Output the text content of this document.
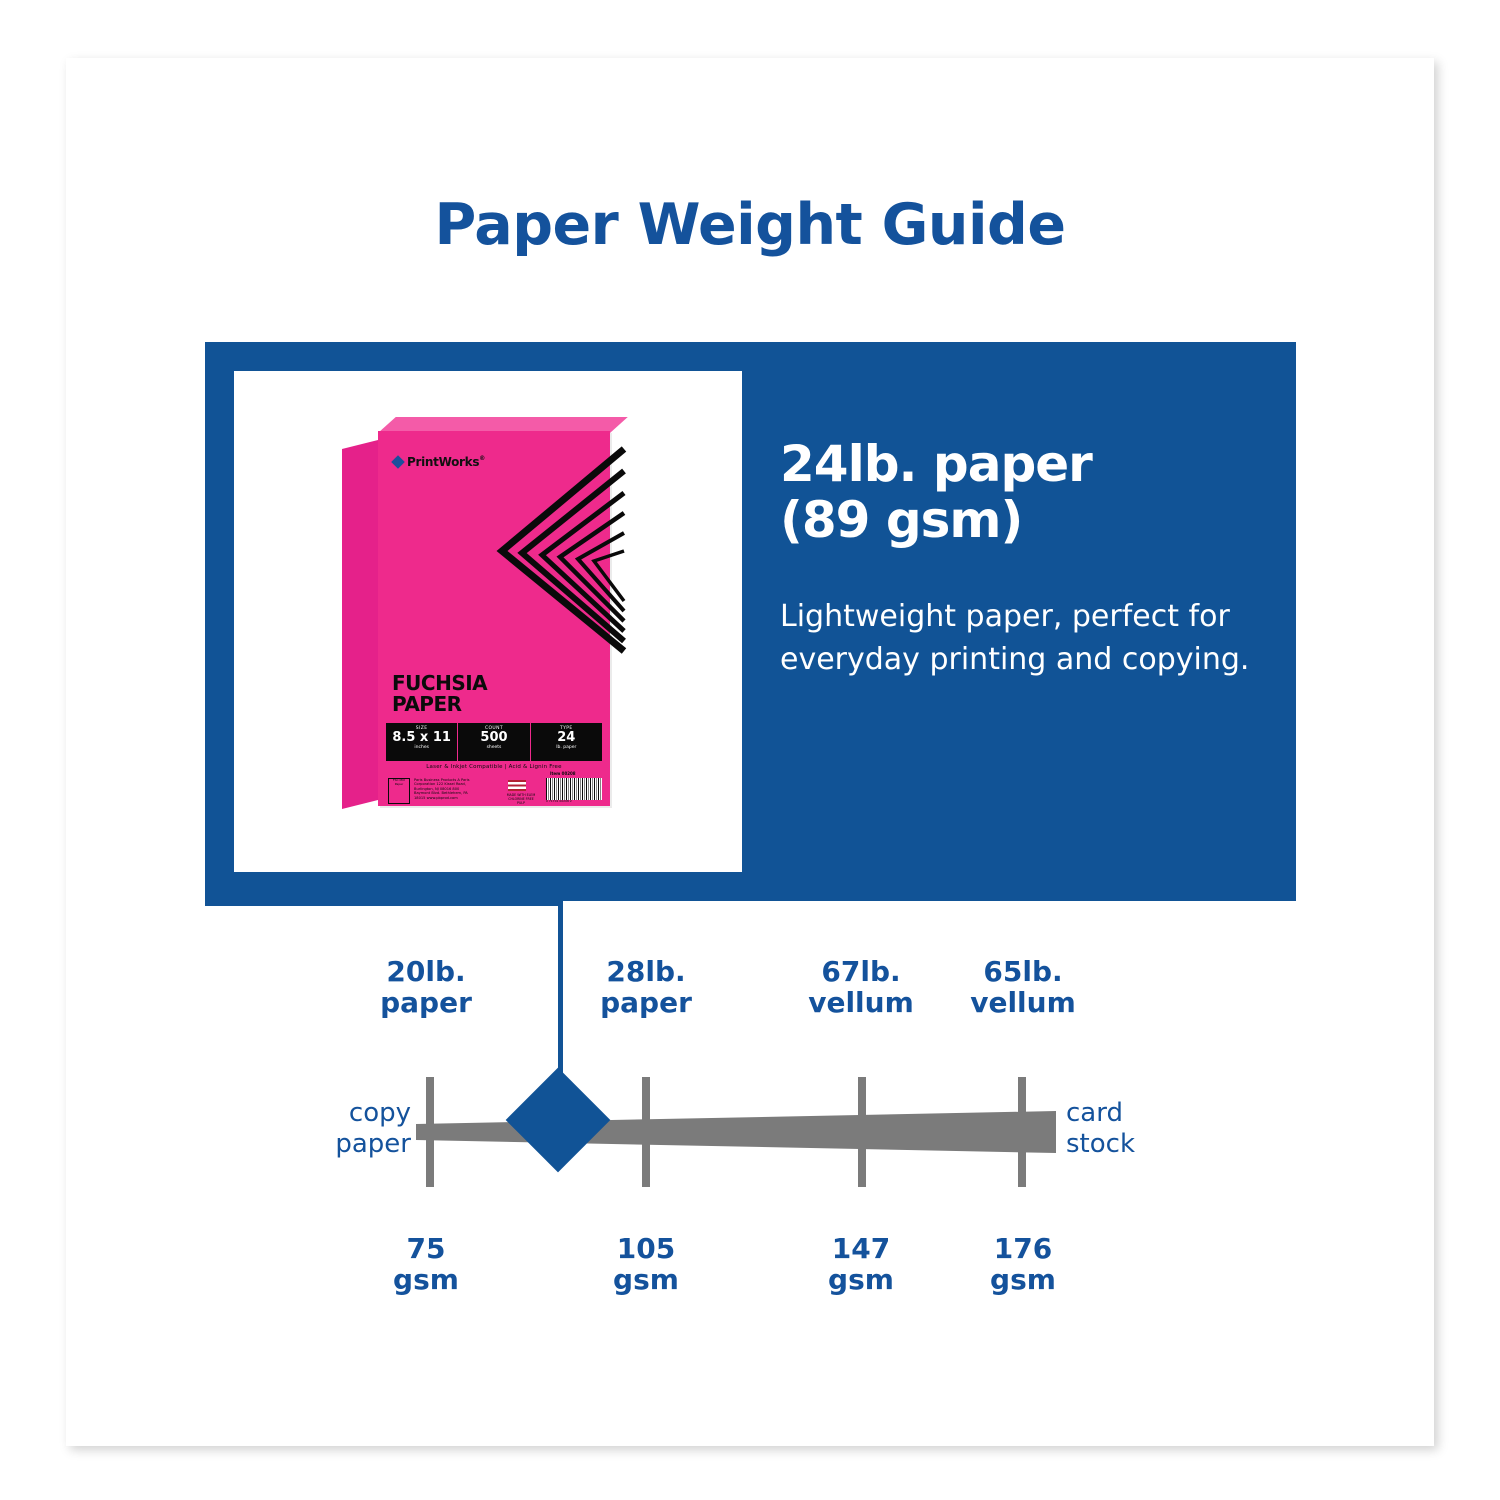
Paper Weight Guide
PrintWorks®
FUCHSIA
PAPER
SIZE
8.5 x 11
inches
COUNT
500
sheets
TYPE
24
lb. paper
Laser & Inkjet Compatible | Acid & Lignin Free
FSC MIX Paper
Paris Business Products A Paris Corporation 122 Kissel Road, Burlington, NJ 08016 800 Baymont Blvd. Bethlehem, PA 18015 www.pbprod.com
MADE WITH ELEM CHLORINE FREE PULP
Item 00208
0 71701 00208 2
24lb. paper
(89 gsm)
Lightweight paper, perfect for everyday printing and copying.
20lb.
paper
28lb.
paper
67lb.
vellum
65lb.
vellum
75
gsm
105
gsm
147
gsm
176
gsm
copy
paper
card
stock
